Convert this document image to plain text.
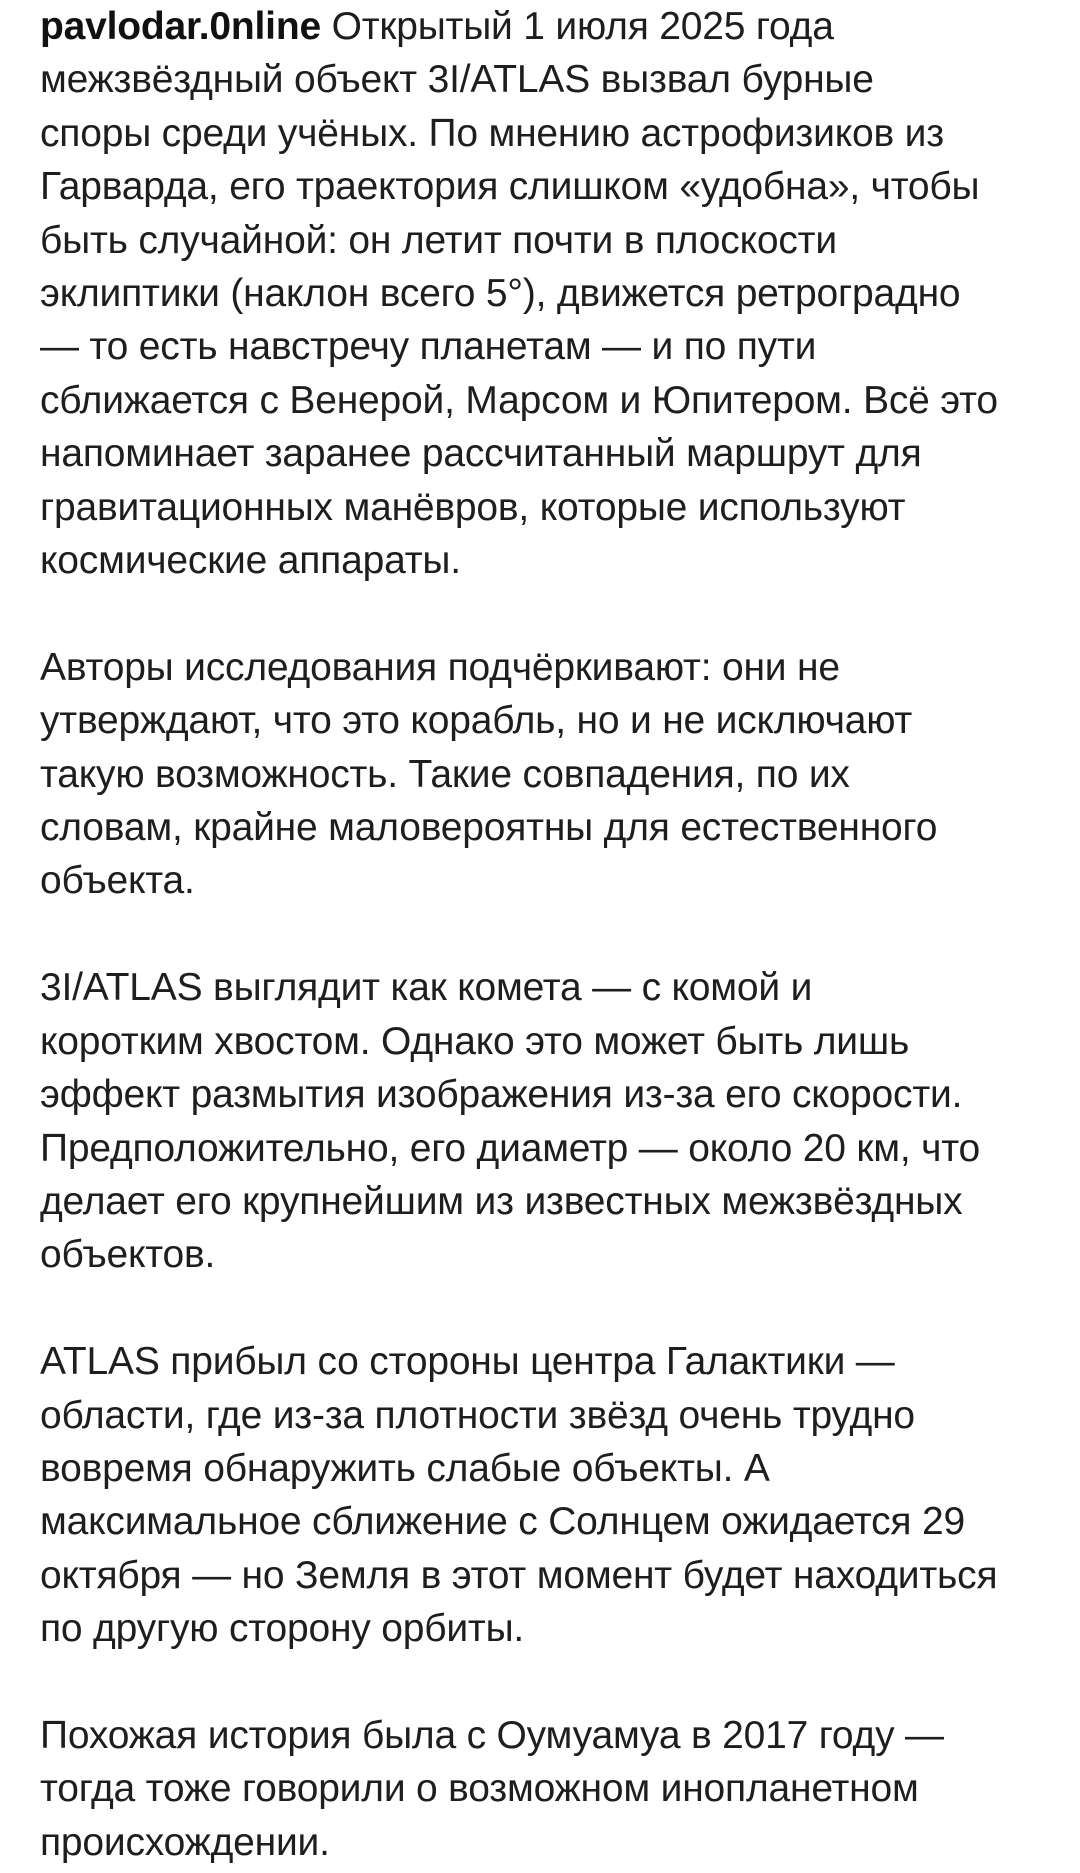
pavlodar.0nline Открытый 1 июля 2025 года
межзвёздный объект 3I/ATLAS вызвал бурные
споры среди учёных. По мнению астрофизиков из
Гарварда, его траектория слишком «удобна», чтобы
быть случайной: он летит почти в плоскости
эклиптики (наклон всего 5°), движется ретроградно
— то есть навстречу планетам — и по пути
сближается с Венерой, Марсом и Юпитером. Всё это
напоминает заранее рассчитанный маршрут для
гравитационных манёвров, которые используют
космические аппараты.

Авторы исследования подчёркивают: они не
утверждают, что это корабль, но и не исключают
такую возможность. Такие совпадения, по их
словам, крайне маловероятны для естественного
объекта.

3I/ATLAS выглядит как комета — с комой и
коротким хвостом. Однако это может быть лишь
эффект размытия изображения из-за его скорости.
Предположительно, его диаметр — около 20 км, что
делает его крупнейшим из известных межзвёздных
объектов.

ATLAS прибыл со стороны центра Галактики —
области, где из-за плотности звёзд очень трудно
вовремя обнаружить слабые объекты. А
максимальное сближение с Солнцем ожидается 29
октября — но Земля в этот момент будет находиться
по другую сторону орбиты.

Похожая история была с Оумуамуа в 2017 году —
тогда тоже говорили о возможном инопланетном
происхождении.
